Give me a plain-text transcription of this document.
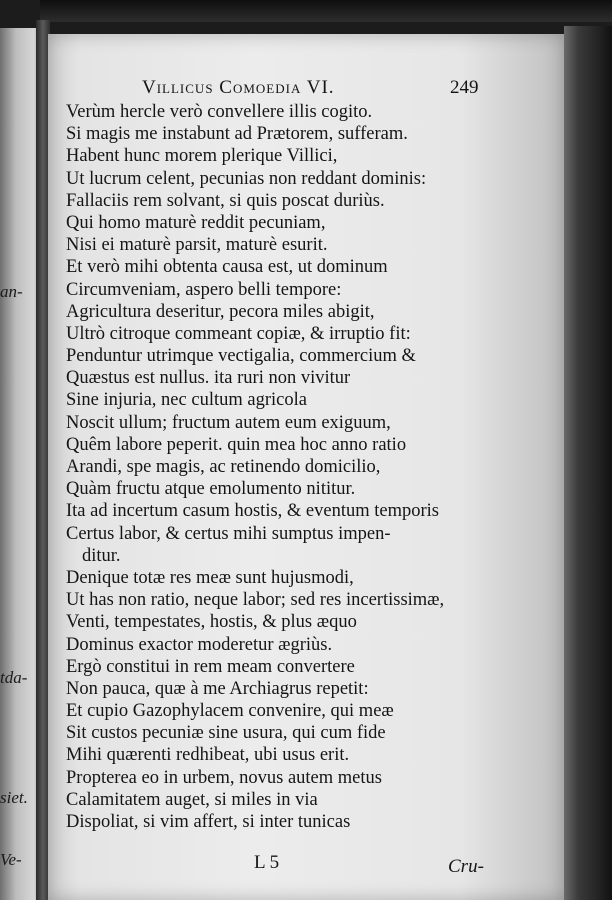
an-
tda-
siet.
Ve-
Villicus Comoedia VI.	249
Verùm hercle verò convellere illis cogito.
Si magis me instabunt ad Prætorem, sufferam.
Habent hunc morem plerique Villici,
Ut lucrum celent, pecunias non reddant dominis:
Fallaciis rem solvant, si quis poscat duriùs.
Qui homo maturè reddit pecuniam,
Nisi ei maturè parsit, maturè esurit.
Et verò mihi obtenta causa est, ut dominum
Circumveniam, aspero belli tempore:
Agricultura deseritur, pecora miles abigit,
Ultrò citroque commeant copiæ, & irruptio fit:
Penduntur utrimque vectigalia, commercium &
Quæstus est nullus. ita ruri non vivitur
Sine injuria, nec cultum agricola
Noscit ullum; fructum autem eum exiguum,
Quêm labore peperit. quin mea hoc anno ratio
Arandi, spe magis, ac retinendo domicilio,
Quàm fructu atque emolumento nititur.
Ita ad incertum casum hostis, & eventum temporis
Certus labor, & certus mihi sumptus impen-
ditur.
Denique totæ res meæ sunt hujusmodi,
Ut has non ratio, neque labor; sed res incertissimæ,
Venti, tempestates, hostis, & plus æquo
Dominus exactor moderetur ægriùs.
Ergò constitui in rem meam convertere
Non pauca, quæ à me Archiagrus repetit:
Et cupio Gazophylacem convenire, qui meæ
Sit custos pecuniæ sine usura, qui cum fide
Mihi quærenti redhibeat, ubi usus erit.
Propterea eo in urbem, novus autem metus
Calamitatem auget, si miles in via
Dispoliat, si vim affert, si inter tunicas
L 5	Cru-
